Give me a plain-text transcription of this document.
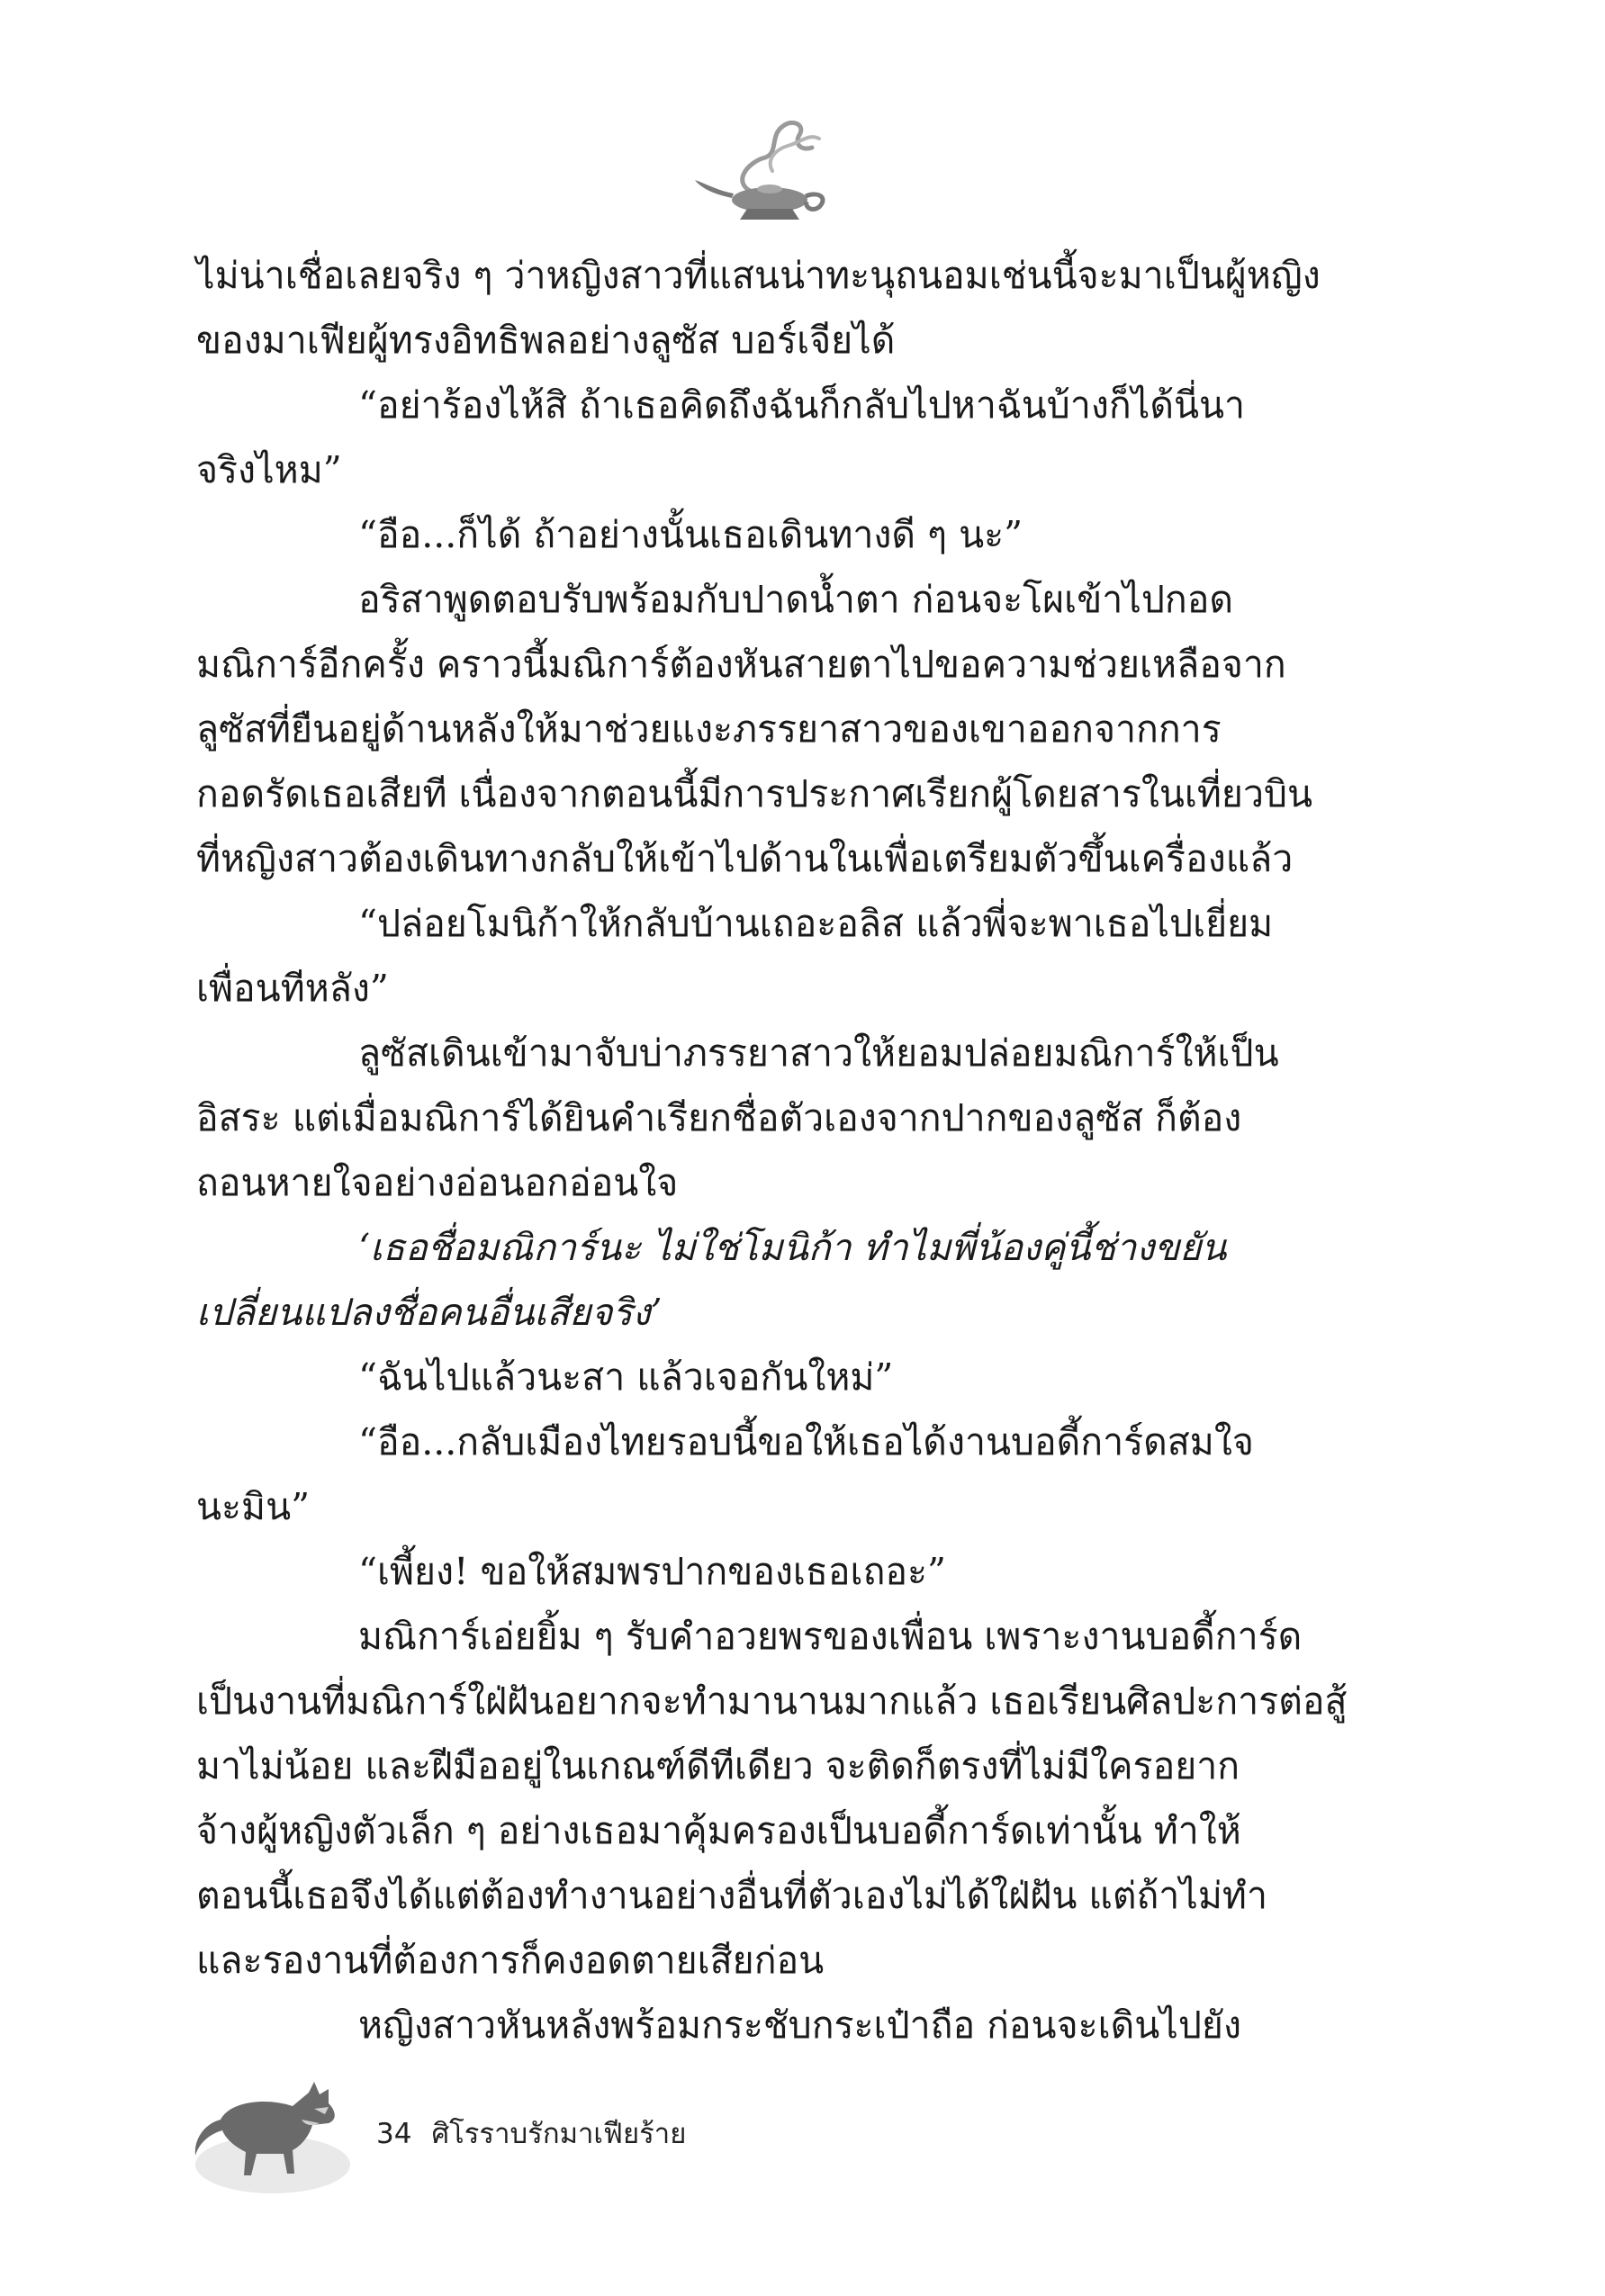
ไม่น่าเชื่อเลยจริง ๆ ว่าหญิงสาวที่แสนน่าทะนุถนอมเช่นนี้จะมาเป็นผู้หญิง

ของมาเฟียผู้ทรงอิทธิพลอย่างลูซัส บอร์เจียได้

“อย่าร้องไห้สิ ถ้าเธอคิดถึงฉันก็กลับไปหาฉันบ้างก็ได้นี่นา

จริงไหม”

“อือ...ก็ได้ ถ้าอย่างนั้นเธอเดินทางดี ๆ นะ”

อริสาพูดตอบรับพร้อมกับปาดน้ำตา ก่อนจะโผเข้าไปกอด

มณิการ์อีกครั้ง คราวนี้มณิการ์ต้องหันสายตาไปขอความช่วยเหลือจาก

ลูซัสที่ยืนอยู่ด้านหลังให้มาช่วยแงะภรรยาสาวของเขาออกจากการ

กอดรัดเธอเสียที เนื่องจากตอนนี้มีการประกาศเรียกผู้โดยสารในเที่ยวบิน

ที่หญิงสาวต้องเดินทางกลับให้เข้าไปด้านในเพื่อเตรียมตัวขึ้นเครื่องแล้ว

“ปล่อยโมนิก้าให้กลับบ้านเถอะอลิส แล้วพี่จะพาเธอไปเยี่ยม

เพื่อนทีหลัง”

ลูซัสเดินเข้ามาจับบ่าภรรยาสาวให้ยอมปล่อยมณิการ์ให้เป็น

อิสระ แต่เมื่อมณิการ์ได้ยินคำเรียกชื่อตัวเองจากปากของลูซัส ก็ต้อง

ถอนหายใจอย่างอ่อนอกอ่อนใจ

‘เธอชื่อมณิการ์นะ ไม่ใช่โมนิก้า ทำไมพี่น้องคู่นี้ช่างขยัน

เปลี่ยนแปลงชื่อคนอื่นเสียจริง’

“ฉันไปแล้วนะสา แล้วเจอกันใหม่”

“อือ...กลับเมืองไทยรอบนี้ขอให้เธอได้งานบอดี้การ์ดสมใจ

นะมิน”

“เพี้ยง! ขอให้สมพรปากของเธอเถอะ”

มณิการ์เอ่ยยิ้ม ๆ รับคำอวยพรของเพื่อน เพราะงานบอดี้การ์ด

เป็นงานที่มณิการ์ใฝ่ฝันอยากจะทำมานานมากแล้ว เธอเรียนศิลปะการต่อสู้

มาไม่น้อย และฝีมืออยู่ในเกณฑ์ดีทีเดียว จะติดก็ตรงที่ไม่มีใครอยาก

จ้างผู้หญิงตัวเล็ก ๆ อย่างเธอมาคุ้มครองเป็นบอดี้การ์ดเท่านั้น ทำให้

ตอนนี้เธอจึงได้แต่ต้องทำงานอย่างอื่นที่ตัวเองไม่ได้ใฝ่ฝัน แต่ถ้าไม่ทำ

และรองานที่ต้องการก็คงอดตายเสียก่อน

หญิงสาวหันหลังพร้อมกระชับกระเป๋าถือ ก่อนจะเดินไปยัง

34 ศิโรราบรักมาเฟียร้าย
